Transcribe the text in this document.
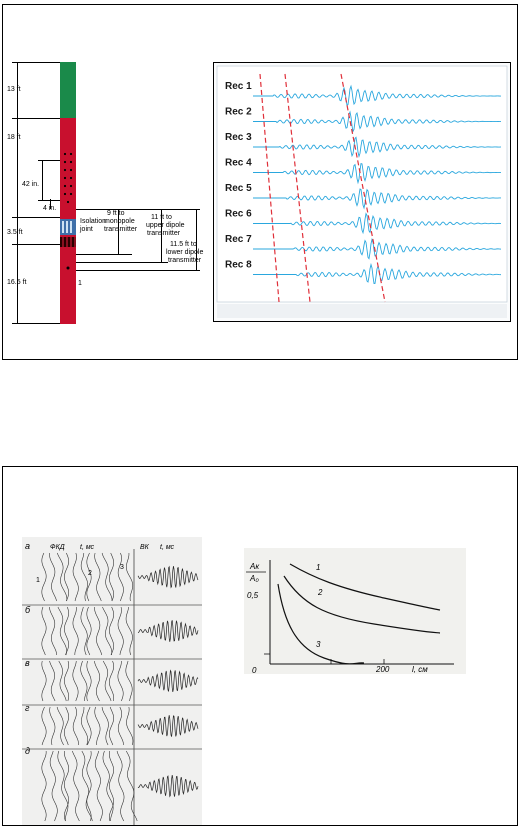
13 ft
18 ft
3.5 ft
16.5 ft
42 in.
4 in.
Isolation
joint
9 ft to
monopole
transmitter
11 ft to
upper dipole
transmitter
11.5 ft to
lower dipole
transmitter
1
Rec 1
Rec 2
Rec 3
Rec 4
Rec 5
Rec 6
Rec 7
Rec 8
а
б
в
г
д
ФКД t, мс	ВК t, мс
1
2
3	Aк
A₀
0,5
0	200	l, см
1
2
3
